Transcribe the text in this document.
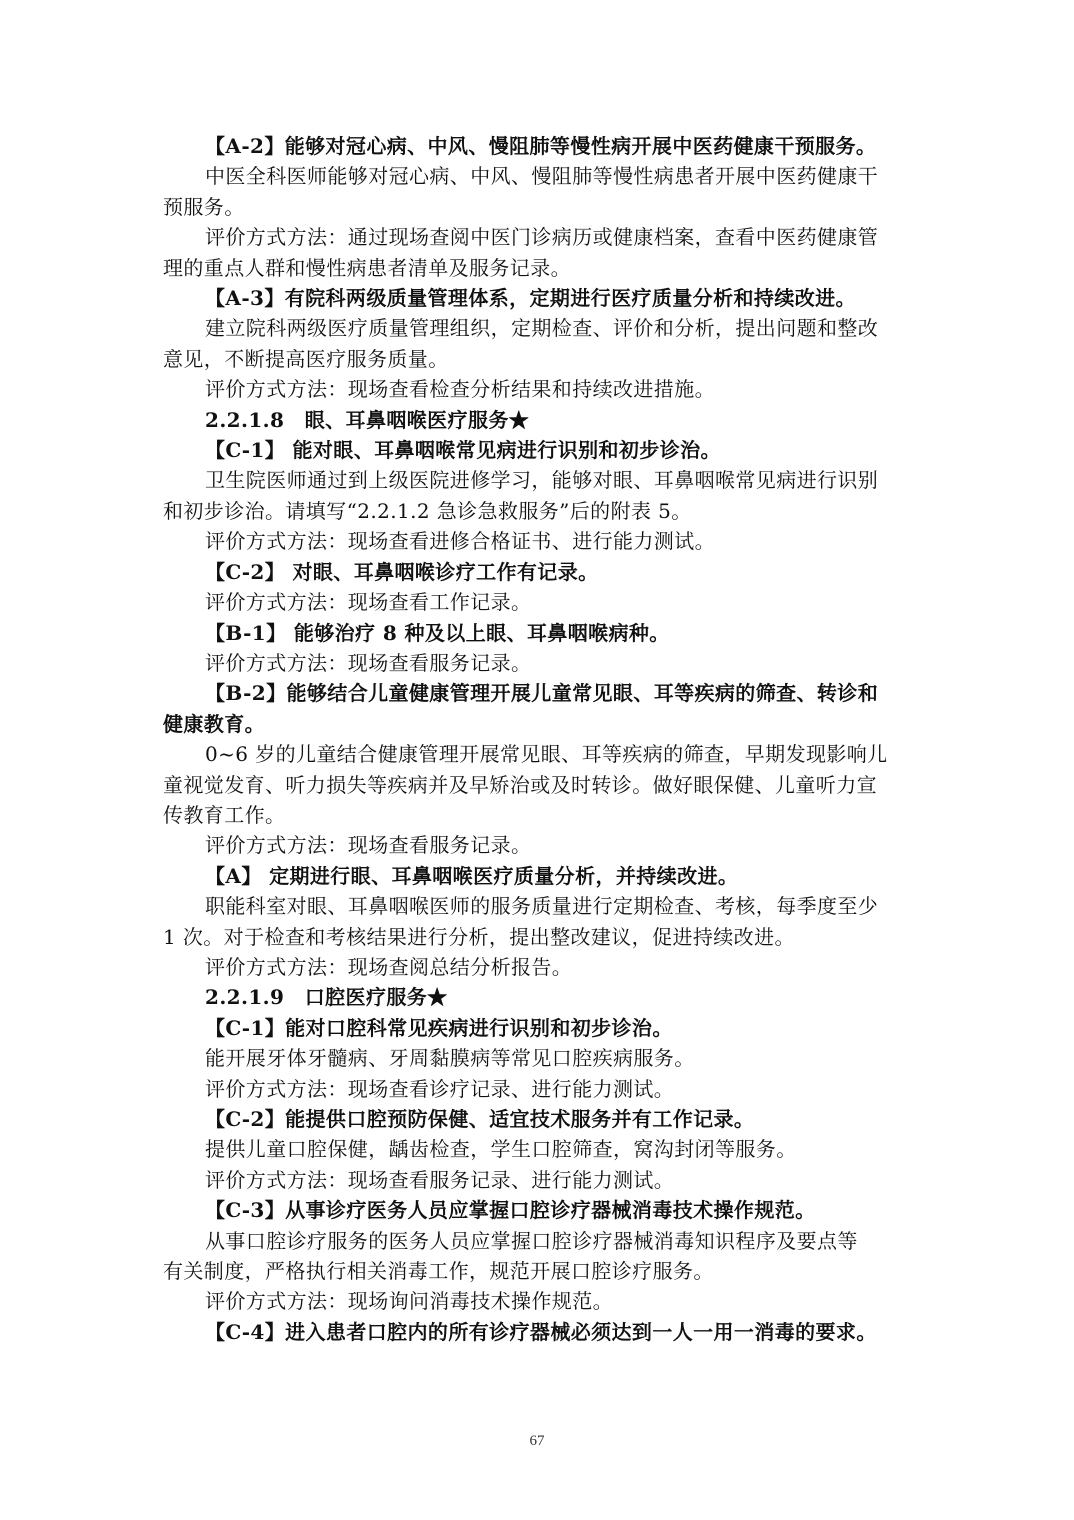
【A-2】能够对冠心病、中风、慢阻肺等慢性病开展中医药健康干预服务。
中医全科医师能够对冠心病、中风、慢阻肺等慢性病患者开展中医药健康干
预服务。
评价方式方法：通过现场查阅中医门诊病历或健康档案，查看中医药健康管
理的重点人群和慢性病患者清单及服务记录。
【A-3】有院科两级质量管理体系，定期进行医疗质量分析和持续改进。
建立院科两级医疗质量管理组织，定期检查、评价和分析，提出问题和整改
意见，不断提高医疗服务质量。
评价方式方法：现场查看检查分析结果和持续改进措施。
2.2.1.8　眼、耳鼻咽喉医疗服务★
【C-1】 能对眼、耳鼻咽喉常见病进行识别和初步诊治。
卫生院医师通过到上级医院进修学习，能够对眼、耳鼻咽喉常见病进行识别
和初步诊治。请填写“2.2.1.2 急诊急救服务”后的附表 5。
评价方式方法：现场查看进修合格证书、进行能力测试。
【C-2】 对眼、耳鼻咽喉诊疗工作有记录。
评价方式方法：现场查看工作记录。
【B-1】 能够治疗 8 种及以上眼、耳鼻咽喉病种。
评价方式方法：现场查看服务记录。
【B-2】能够结合儿童健康管理开展儿童常见眼、耳等疾病的筛查、转诊和
健康教育。
0~6 岁的儿童结合健康管理开展常见眼、耳等疾病的筛查，早期发现影响儿
童视觉发育、听力损失等疾病并及早矫治或及时转诊。做好眼保健、儿童听力宣
传教育工作。
评价方式方法：现场查看服务记录。
【A】 定期进行眼、耳鼻咽喉医疗质量分析，并持续改进。
职能科室对眼、耳鼻咽喉医师的服务质量进行定期检查、考核，每季度至少
1 次。对于检查和考核结果进行分析，提出整改建议，促进持续改进。
评价方式方法：现场查阅总结分析报告。
2.2.1.9　口腔医疗服务★
【C-1】能对口腔科常见疾病进行识别和初步诊治。
能开展牙体牙髓病、牙周黏膜病等常见口腔疾病服务。
评价方式方法：现场查看诊疗记录、进行能力测试。
【C-2】能提供口腔预防保健、适宜技术服务并有工作记录。
提供儿童口腔保健，龋齿检查，学生口腔筛查，窝沟封闭等服务。
评价方式方法：现场查看服务记录、进行能力测试。
【C-3】从事诊疗医务人员应掌握口腔诊疗器械消毒技术操作规范。
从事口腔诊疗服务的医务人员应掌握口腔诊疗器械消毒知识程序及要点等
有关制度，严格执行相关消毒工作，规范开展口腔诊疗服务。
评价方式方法：现场询问消毒技术操作规范。
【C-4】进入患者口腔内的所有诊疗器械必须达到一人一用一消毒的要求。
67
